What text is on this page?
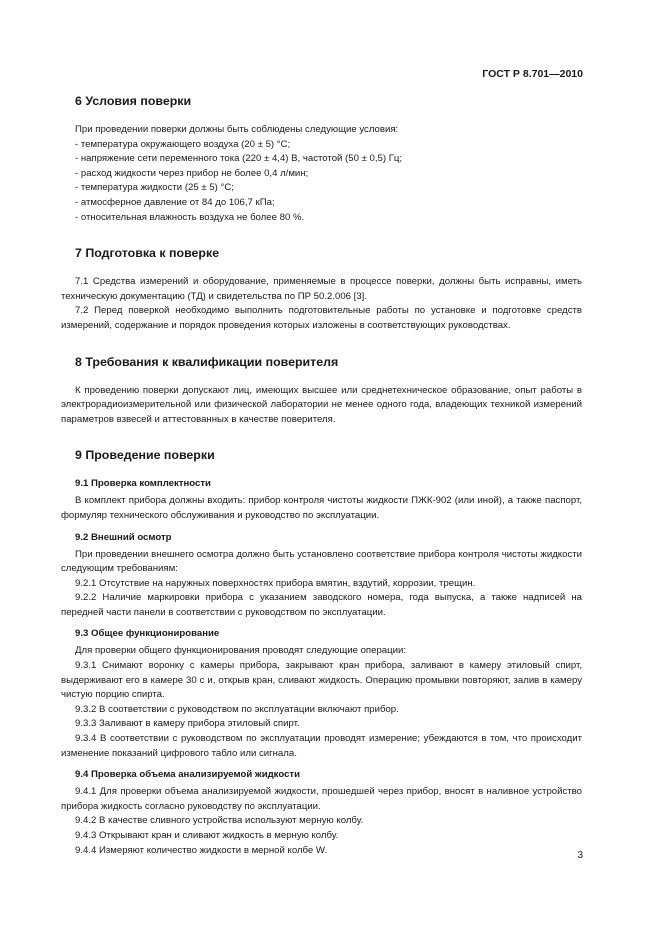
ГОСТ Р 8.701—2010
6 Условия поверки

При проведении поверки должны быть соблюдены следующие условия:

- температура окружающего воздуха (20 ± 5) °C;
- напряжение сети переменного тока (220 ± 4,4) В, частотой (50 ± 0,5) Гц;
- расход жидкости через прибор не более 0,4 л/мин;
- температура жидкости (25 ± 5) °C;
- атмосферное давление от 84 до 106,7 кПа;
- относительная влажность воздуха не более 80 %.
7 Подготовка к поверке

7.1 Средства измерений и оборудование, применяемые в процессе поверки, должны быть исправны, иметь техническую документацию (ТД) и свидетельства по ПР 50.2.006 [3].

7.2 Перед поверкой необходимо выполнить подготовительные работы по установке и подготовке средств измерений, содержание и порядок проведения которых изложены в соответствующих руководствах.

8 Требования к квалификации поверителя

К проведению поверки допускают лиц, имеющих высшее или среднетехническое образование, опыт работы в электрорадиоизмерительной или физической лаборатории не менее одного года, владеющих техникой измерений параметров взвесей и аттестованных в качестве поверителя.

9 Проведение поверки
9.1 Проверка комплектности

В комплект прибора должны входить: прибор контроля чистоты жидкости ПЖК-902 (или иной), а также паспорт, формуляр технического обслуживания и руководство по эксплуатации.

9.2 Внешний осмотр

При проведении внешнего осмотра должно быть установлено соответствие прибора контроля чистоты жидкости следующим требованиям:

9.2.1 Отсутствие на наружных поверхностях прибора вмятин, вздутий, коррозии, трещин.

9.2.2 Наличие маркировки прибора с указанием заводского номера, года выпуска, а также надписей на передней части панели в соответствии с руководством по эксплуатации.

9.3 Общее функционирование

Для проверки общего функционирования проводят следующие операции:

9.3.1 Снимают воронку с камеры прибора, закрывают кран прибора, заливают в камеру этиловый спирт, выдерживают его в камере 30 с и, открыв кран, сливают жидкость. Операцию промывки повторяют, залив в камеру чистую порцию спирта.

9.3.2 В соответствии с руководством по эксплуатации включают прибор.

9.3.3 Заливают в камеру прибора этиловый спирт.

9.3.4 В соответствии с руководством по эксплуатации проводят измерение; убеждаются в том, что происходит изменение показаний цифрового табло или сигнала.

9.4 Проверка объема анализируемой жидкости

9.4.1 Для проверки объема анализируемой жидкости, прошедшей через прибор, вносят в наливное устройство прибора жидкость согласно руководству по эксплуатации.

9.4.2 В качестве сливного устройства используют мерную колбу.

9.4.3 Открывают кран и сливают жидкость в мерную колбу.

9.4.4 Измеряют количество жидкости в мерной колбе W.	3
